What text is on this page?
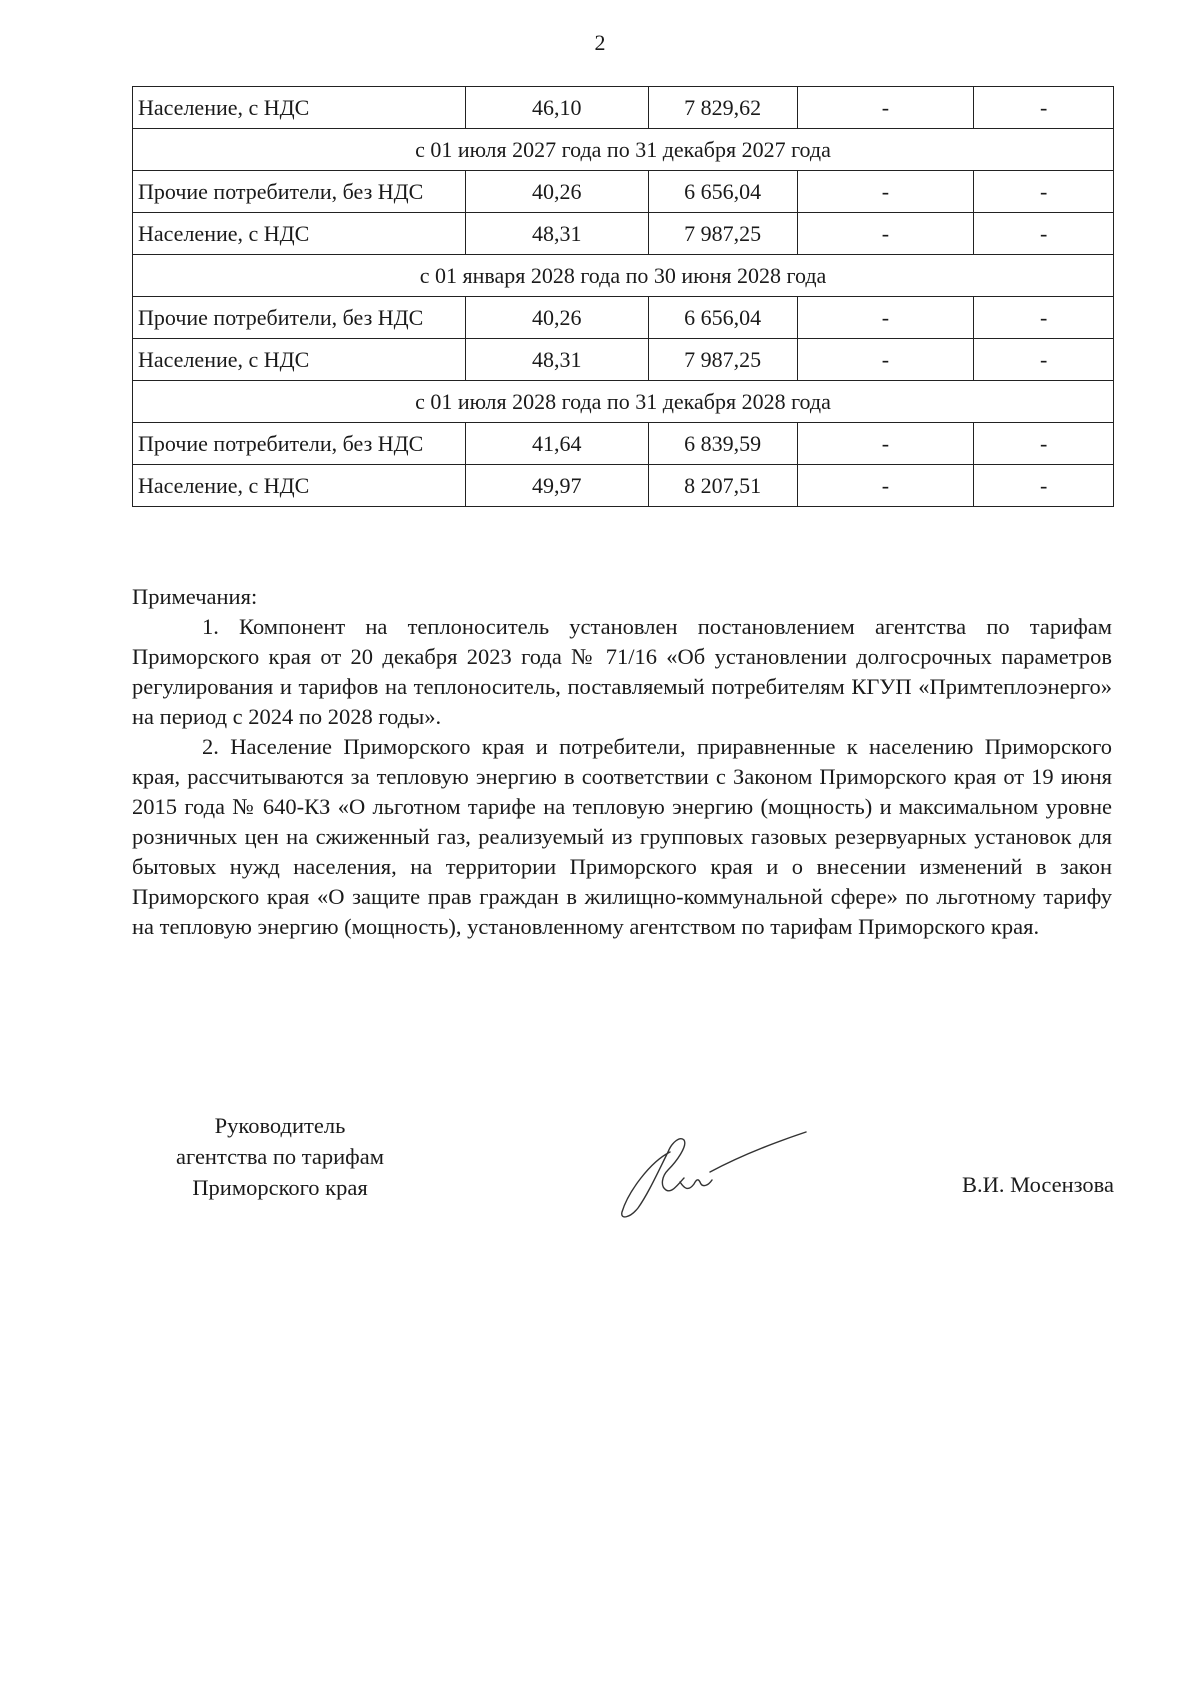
2
Население, с НДС	46,10	7 829,62	-	-
с 01 июля 2027 года по 31 декабря 2027 года				
Прочие потребители, без НДС	40,26	6 656,04	-	-
Население, с НДС	48,31	7 987,25	-	-
с 01 января 2028 года по 30 июня 2028 года				
Прочие потребители, без НДС	40,26	6 656,04	-	-
Население, с НДС	48,31	7 987,25	-	-
с 01 июля 2028 года по 31 декабря 2028 года				
Прочие потребители, без НДС	41,64	6 839,59	-	-
Население, с НДС	49,97	8 207,51	-	-

Примечания:

1. Компонент на теплоноситель установлен постановлением агентства по тарифам Приморского края от 20 декабря 2023 года № 71/16 «Об установлении долгосрочных параметров регулирования и тарифов на теплоноситель, поставляемый потребителям КГУП «Примтеплоэнерго» на период с 2024 по 2028 годы».

2. Население Приморского края и потребители, приравненные к населению Приморского края, рассчитываются за тепловую энергию в соответствии с Законом Приморского края от 19 июня 2015 года № 640-КЗ «О льготном тарифе на тепловую энергию (мощность) и максимальном уровне розничных цен на сжиженный газ, реализуемый из групповых газовых резервуарных установок для бытовых нужд населения, на территории Приморского края и о внесении изменений в закон Приморского края «О защите прав граждан в жилищно-коммунальной сфере» по льготному тарифу на тепловую энергию (мощность), установленному агентством по тарифам Приморского края.

Руководитель
агентства по тарифам
Приморского края	В.И. Мосензова
